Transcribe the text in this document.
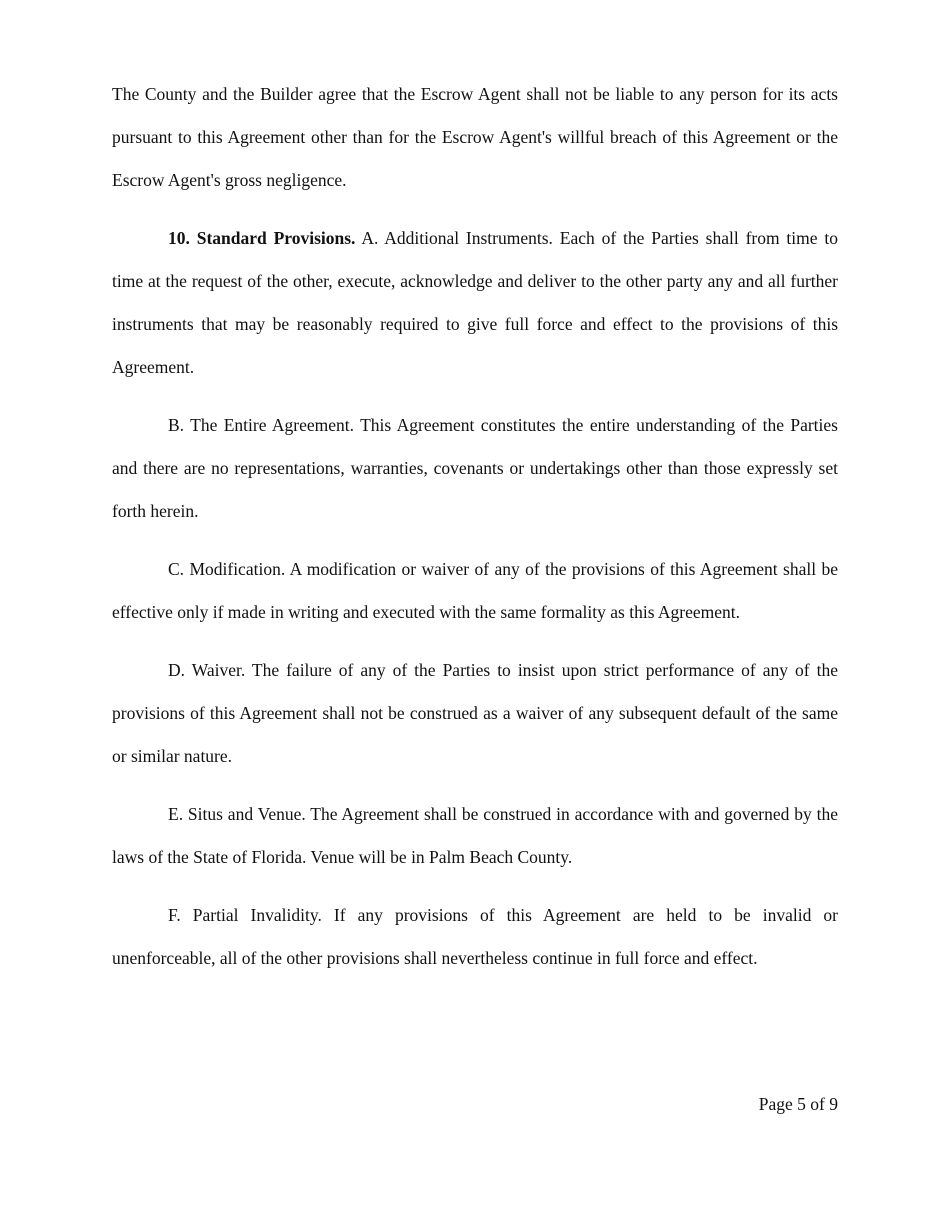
The County and the Builder agree that the Escrow Agent shall not be liable to any person for its acts pursuant to this Agreement other than for the Escrow Agent's willful breach of this Agreement or the Escrow Agent's gross negligence.

10. Standard Provisions. A. Additional Instruments. Each of the Parties shall from time to time at the request of the other, execute, acknowledge and deliver to the other party any and all further instruments that may be reasonably required to give full force and effect to the provisions of this Agreement.

B. The Entire Agreement. This Agreement constitutes the entire understanding of the Parties and there are no representations, warranties, covenants or undertakings other than those expressly set forth herein.

C. Modification. A modification or waiver of any of the provisions of this Agreement shall be effective only if made in writing and executed with the same formality as this Agreement.

D. Waiver. The failure of any of the Parties to insist upon strict performance of any of the provisions of this Agreement shall not be construed as a waiver of any subsequent default of the same or similar nature.

E. Situs and Venue. The Agreement shall be construed in accordance with and governed by the laws of the State of Florida. Venue will be in Palm Beach County.

F. Partial Invalidity. If any provisions of this Agreement are held to be invalid or unenforceable, all of the other provisions shall nevertheless continue in full force and effect.

Page 5 of 9
